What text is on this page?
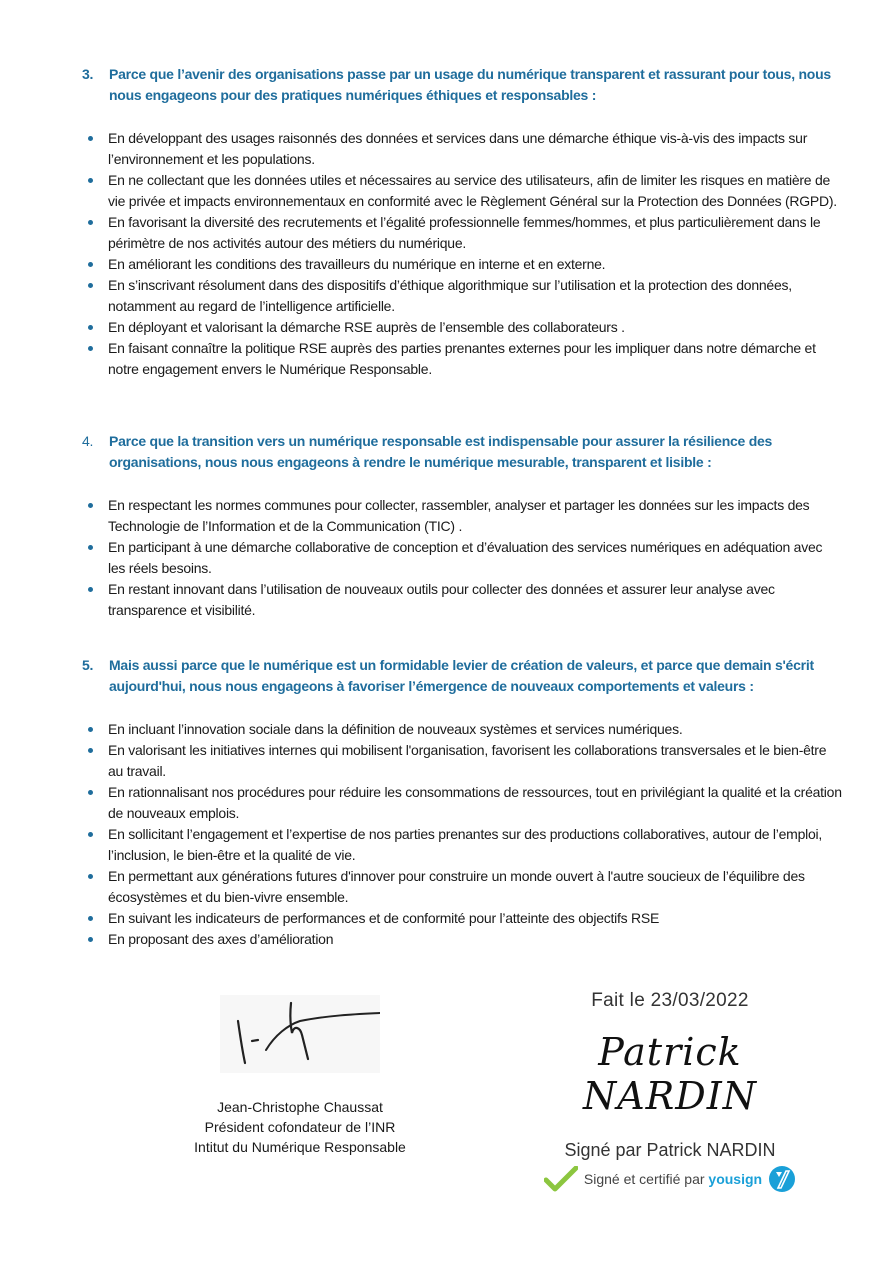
3.	Parce que l’avenir des organisations passe par un usage du numérique transparent et rassurant pour tous, nous nous engageons pour des pratiques numériques éthiques et responsables :
En développant des usages raisonnés des données et services dans une démarche éthique vis-à-vis des impacts sur l’environnement et les populations.
En ne collectant que les données utiles et nécessaires au service des utilisateurs, afin de limiter les risques en matière de vie privée et impacts environnementaux en conformité avec le Règlement Général sur la Protection des Données (RGPD).
En favorisant la diversité des recrutements et l’égalité professionnelle femmes/hommes, et plus particulièrement dans le périmètre de nos activités autour des métiers du numérique.
En améliorant les conditions des travailleurs du numérique en interne et en externe.
En s’inscrivant résolument dans des dispositifs d’éthique algorithmique sur l’utilisation et la protection des données, notamment au regard de l’intelligence artificielle.
En déployant et valorisant la démarche RSE auprès de l’ensemble des collaborateurs .
En faisant connaître la politique RSE auprès des parties prenantes externes pour les impliquer dans notre démarche et notre engagement envers le Numérique Responsable.
4.	Parce que la transition vers un numérique responsable est indispensable pour assurer la résilience des organisations, nous nous engageons à rendre le numérique mesurable, transparent et lisible :
En respectant les normes communes pour collecter, rassembler, analyser et partager les données sur les impacts des Technologie de l’Information et de la Communication (TIC) .
En participant à une démarche collaborative de conception et d’évaluation des services numériques en adéquation avec les réels besoins.
En restant innovant dans l’utilisation de nouveaux outils pour collecter des données et assurer leur analyse avec transparence et visibilité.
5.	Mais aussi parce que le numérique est un formidable levier de création de valeurs, et parce que demain s'écrit aujourd'hui, nous nous engageons à favoriser l’émergence de nouveaux comportements et valeurs :
En incluant l’innovation sociale dans la définition de nouveaux systèmes et services numériques.
En valorisant les initiatives internes qui mobilisent l'organisation, favorisent les collaborations transversales et le bien-être au travail.
En rationnalisant nos procédures pour réduire les consommations de ressources, tout en privilégiant la qualité et la création de nouveaux emplois.
En sollicitant l’engagement et l’expertise de nos parties prenantes sur des productions collaboratives, autour de l’emploi, l’inclusion, le bien-être et la qualité de vie.
En permettant aux générations futures d'innover pour construire un monde ouvert à l'autre soucieux de l’équilibre des écosystèmes et du bien-vivre ensemble.
En suivant les indicateurs de performances et de conformité pour l’atteinte des objectifs RSE
En proposant des axes d’amélioration
Jean-Christophe Chaussat
Président cofondateur de l’INR
Intitut du Numérique Responsable
Fait le 23/03/2022
Patrick NARDIN
Signé par Patrick NARDIN
Signé et certifié par yousign
